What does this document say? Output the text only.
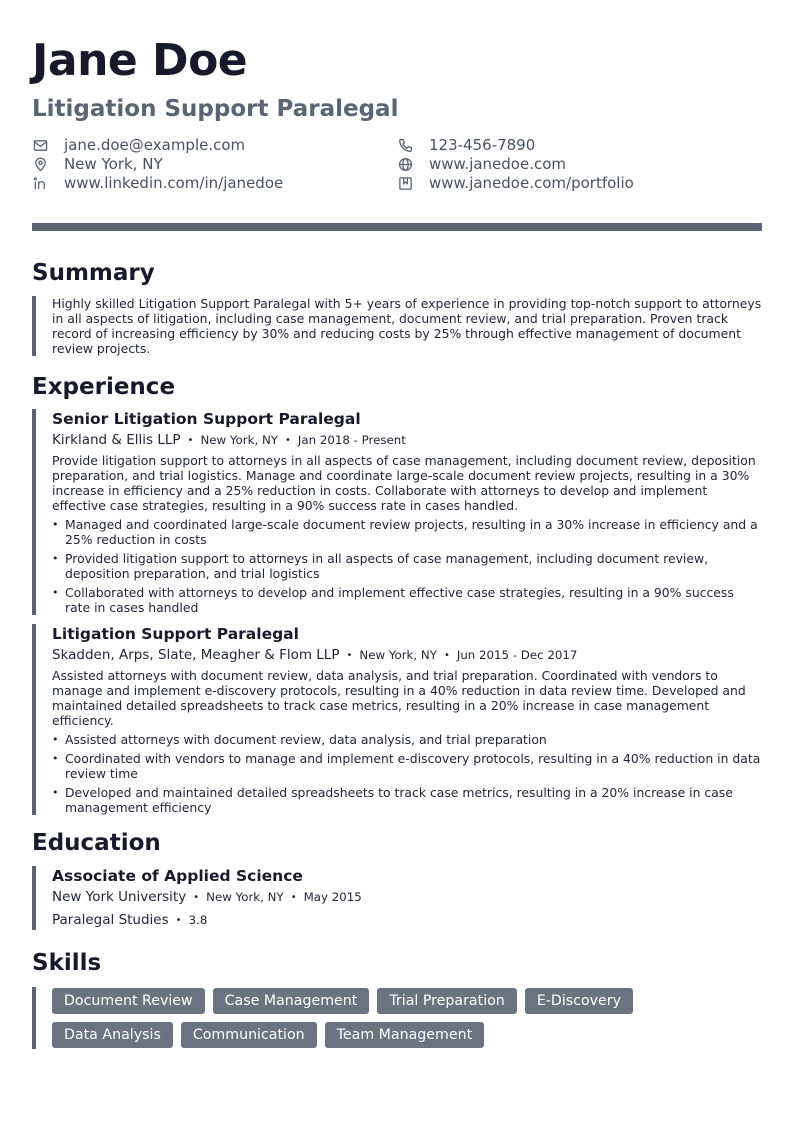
Jane Doe
Litigation Support Paralegal
jane.doe@example.com	123-456-7890
New York, NY	www.janedoe.com
www.linkedin.com/in/janedoe	www.janedoe.com/portfolio
Summary
Highly skilled Litigation Support Paralegal with 5+ years of experience in providing top-notch support to attorneys in all aspects of litigation, including case management, document review, and trial preparation. Proven track record of increasing efficiency by 30% and reducing costs by 25% through effective management of document review projects.
Experience
Senior Litigation Support Paralegal
Kirkland & Ellis LLP • New York, NY • Jan 2018 - Present
Provide litigation support to attorneys in all aspects of case management, including document review, deposition preparation, and trial logistics. Manage and coordinate large-scale document review projects, resulting in a 30% increase in efficiency and a 25% reduction in costs. Collaborate with attorneys to develop and implement effective case strategies, resulting in a 90% success rate in cases handled.
• Managed and coordinated large-scale document review projects, resulting in a 30% increase in efficiency and a 25% reduction in costs
• Provided litigation support to attorneys in all aspects of case management, including document review, deposition preparation, and trial logistics
• Collaborated with attorneys to develop and implement effective case strategies, resulting in a 90% success rate in cases handled
Litigation Support Paralegal
Skadden, Arps, Slate, Meagher & Flom LLP • New York, NY • Jun 2015 - Dec 2017
Assisted attorneys with document review, data analysis, and trial preparation. Coordinated with vendors to manage and implement e-discovery protocols, resulting in a 40% reduction in data review time. Developed and maintained detailed spreadsheets to track case metrics, resulting in a 20% increase in case management efficiency.
• Assisted attorneys with document review, data analysis, and trial preparation
• Coordinated with vendors to manage and implement e-discovery protocols, resulting in a 40% reduction in data review time
• Developed and maintained detailed spreadsheets to track case metrics, resulting in a 20% increase in case management efficiency
Education
Associate of Applied Science
New York University • New York, NY • May 2015
Paralegal Studies • 3.8
Skills
Document Review	Case Management	Trial Preparation	E-Discovery
Data Analysis	Communication	Team Management
